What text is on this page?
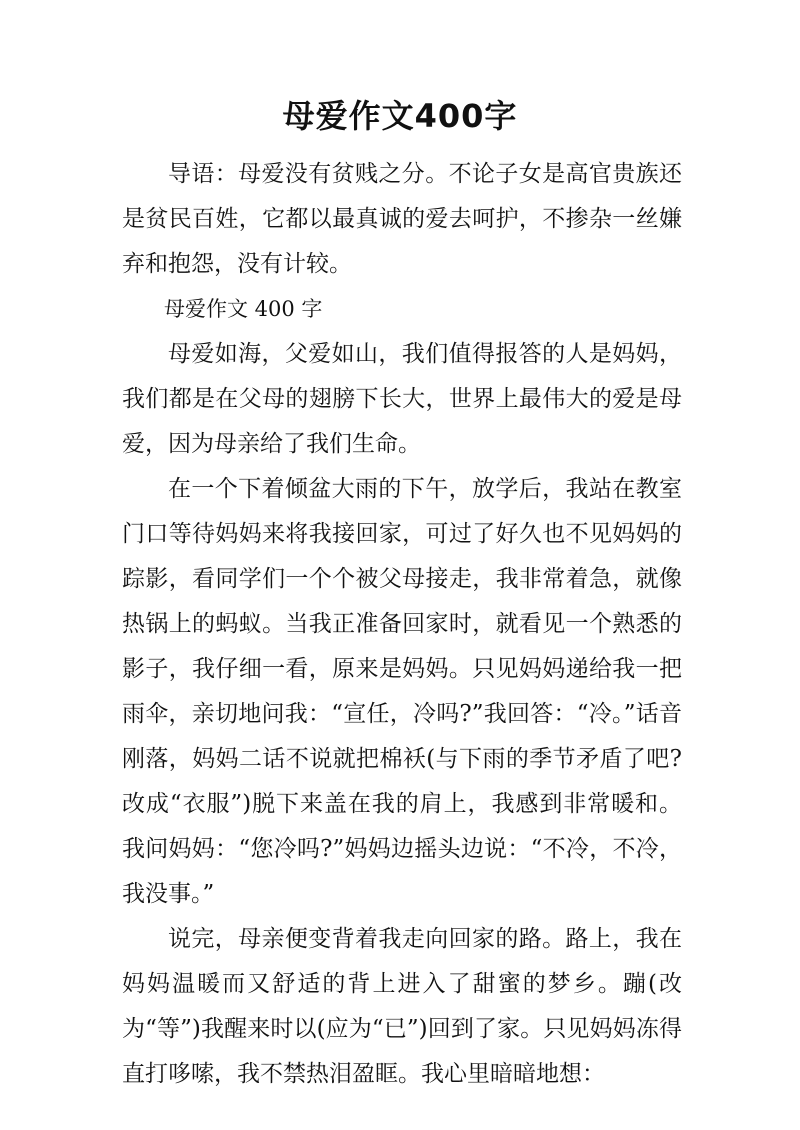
母爱作文400字

导语：母爱没有贫贱之分。不论子女是高官贵族还是贫民百姓，它都以最真诚的爱去呵护，不掺杂一丝嫌弃和抱怨，没有计较。

母爱作文 400 字

母爱如海，父爱如山，我们值得报答的人是妈妈，我们都是在父母的翅膀下长大，世界上最伟大的爱是母爱，因为母亲给了我们生命。

在一个下着倾盆大雨的下午，放学后，我站在教室门口等待妈妈来将我接回家，可过了好久也不见妈妈的踪影，看同学们一个个被父母接走，我非常着急，就像热锅上的蚂蚁。当我正准备回家时，就看见一个熟悉的影子，我仔细一看，原来是妈妈。只见妈妈递给我一把雨伞，亲切地问我：“宣任，冷吗?”我回答：“冷。”话音刚落，妈妈二话不说就把棉袄(与下雨的季节矛盾了吧?改成“衣服”)脱下来盖在我的肩上，我感到非常暖和。我问妈妈：“您冷吗?”妈妈边摇头边说：“不冷，不冷，我没事。”

说完，母亲便变背着我走向回家的路。路上，我在妈妈温暖而又舒适的背上进入了甜蜜的梦乡。蹦(改为“等”)我醒来时以(应为“已”)回到了家。只见妈妈冻得直打哆嗦，我不禁热泪盈眶。我心里暗暗地想：
